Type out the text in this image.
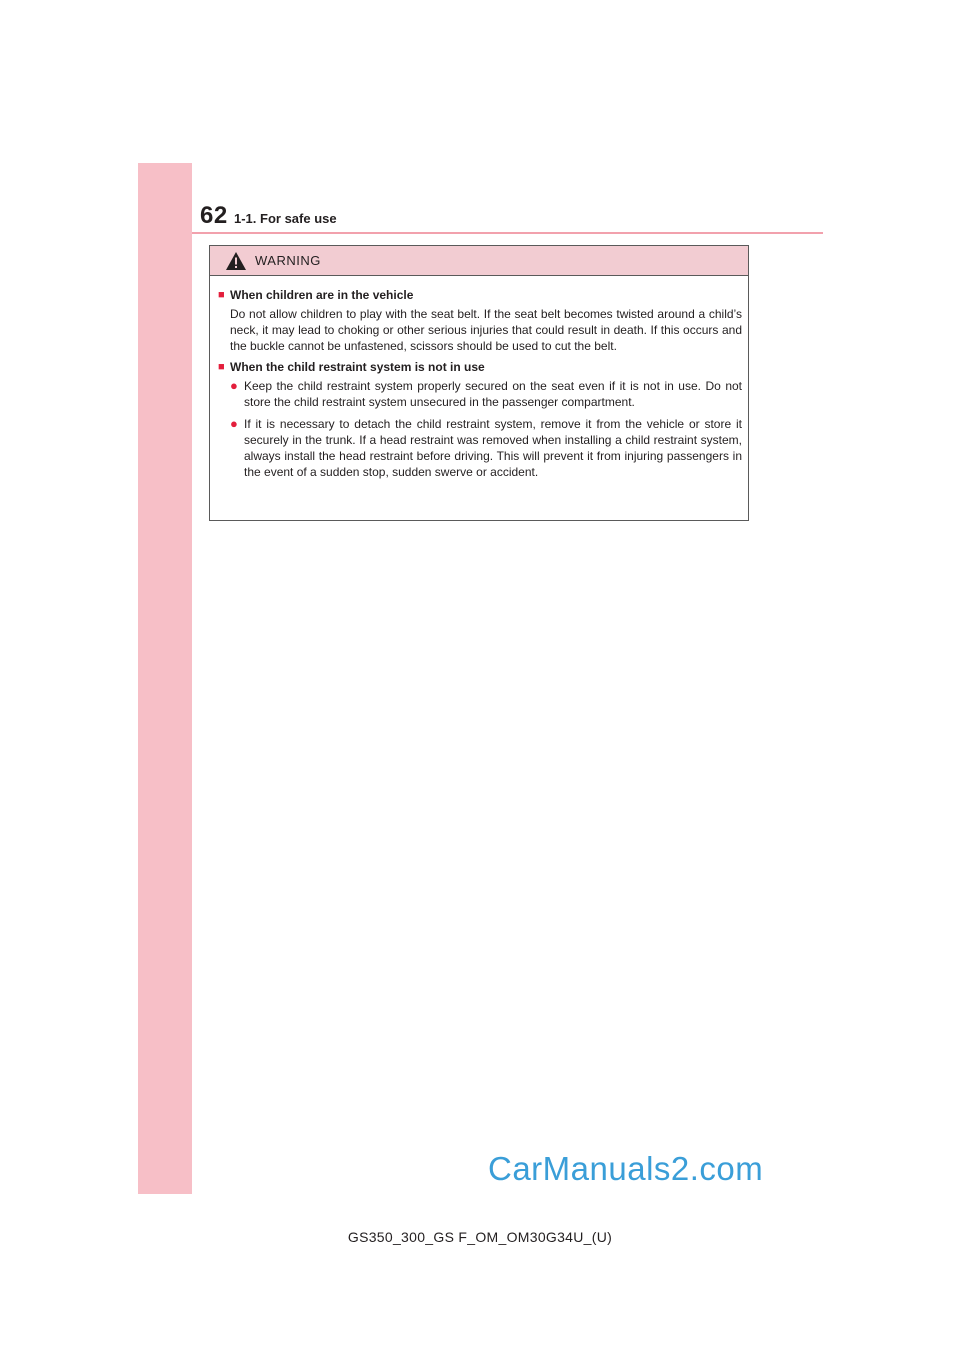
62 1-1. For safe use
WARNING
■ When children are in the vehicle

Do not allow children to play with the seat belt. If the seat belt becomes twisted around a child’s neck, it may lead to choking or other serious injuries that could result in death. If this occurs and the buckle cannot be unfastened, scissors should be used to cut the belt.

■ When the child restraint system is not in use
● Keep the child restraint system properly secured on the seat even if it is not in use. Do not store the child restraint system unsecured in the passenger compartment.
● If it is necessary to detach the child restraint system, remove it from the vehicle or store it securely in the trunk. If a head restraint was removed when installing a child restraint system, always install the head restraint before driving. This will prevent it from injuring passengers in the event of a sudden stop, sudden swerve or accident.
CarManuals2.com
GS350_300_GS F_OM_OM30G34U_(U)
